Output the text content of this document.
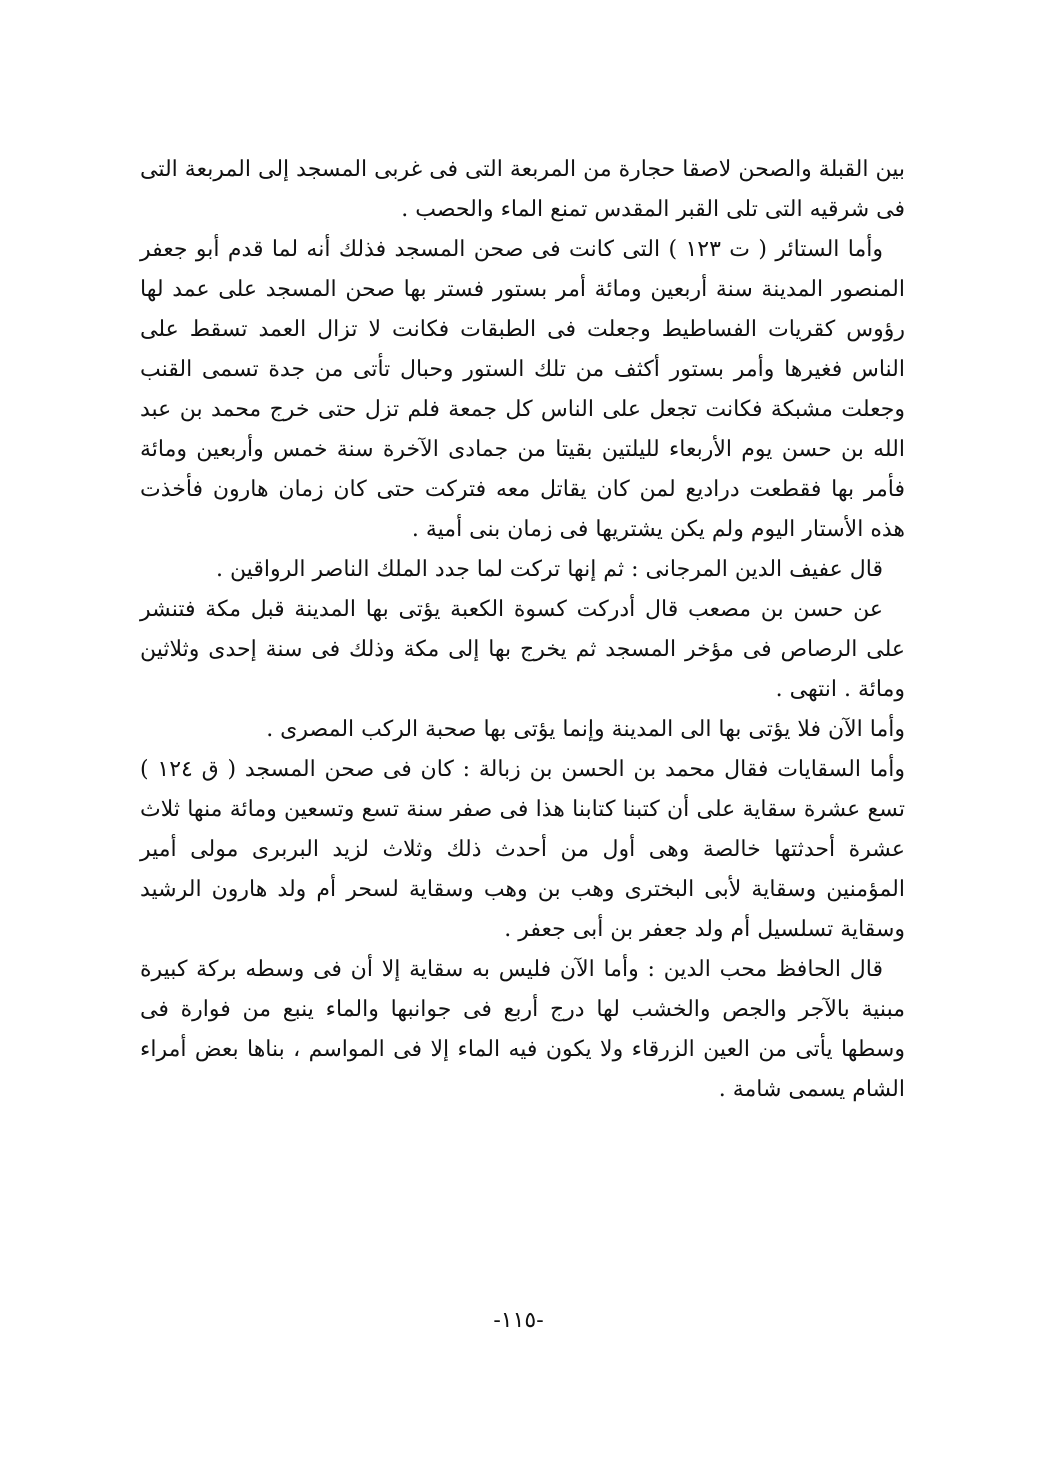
بين القبلة والصحن لاصقا حجارة من المربعة التى فى غربى المسجد إلى المربعة التى فى شرقيه التى تلى القبر المقدس تمنع الماء والحصب .

وأما الستائر ( ت ١٢٣ ) التى كانت فى صحن المسجد فذلك أنه لما قدم أبو جعفر المنصور المدينة سنة أربعين ومائة أمر بستور فستر بها صحن المسجد على عمد لها رؤوس كقريات الفساطيط وجعلت فى الطبقات فكانت لا تزال العمد تسقط على الناس فغيرها وأمر بستور أكثف من تلك الستور وحبال تأتى من جدة تسمى القنب وجعلت مشبكة فكانت تجعل على الناس كل جمعة فلم تزل حتى خرج محمد بن عبد الله بن حسن يوم الأربعاء لليلتين بقيتا من جمادى الآخرة سنة خمس وأربعين ومائة فأمر بها فقطعت دراديع لمن كان يقاتل معه فتركت حتى كان زمان هارون فأخذت هذه الأستار اليوم ولم يكن يشتريها فى زمان بنى أمية .

قال عفيف الدين المرجانى : ثم إنها تركت لما جدد الملك الناصر الرواقين .

عن حسن بن مصعب قال أدركت كسوة الكعبة يؤتى بها المدينة قبل مكة فتنشر على الرصاص فى مؤخر المسجد ثم يخرج بها إلى مكة وذلك فى سنة إحدى وثلاثين ومائة . انتهى .

وأما الآن فلا يؤتى بها الى المدينة وإنما يؤتى بها صحبة الركب المصرى .

وأما السقايات فقال محمد بن الحسن بن زبالة : كان فى صحن المسجد ( ق ١٢٤ ) تسع عشرة سقاية على أن كتبنا كتابنا هذا فى صفر سنة تسع وتسعين ومائة منها ثلاث عشرة أحدثتها خالصة وهى أول من أحدث ذلك وثلاث لزيد البربرى مولى أمير المؤمنين وسقاية لأبى البخترى وهب بن وهب وسقاية لسحر أم ولد هارون الرشيد وسقاية تسلسيل أم ولد جعفر بن أبى جعفر .

قال الحافظ محب الدين : وأما الآن فليس به سقاية إلا أن فى وسطه بركة كبيرة مبنية بالآجر والجص والخشب لها درج أربع فى جوانبها والماء ينبع من فوارة فى وسطها يأتى من العين الزرقاء ولا يكون فيه الماء إلا فى المواسم ، بناها بعض أمراء الشام يسمى شامة .

-١١٥-
